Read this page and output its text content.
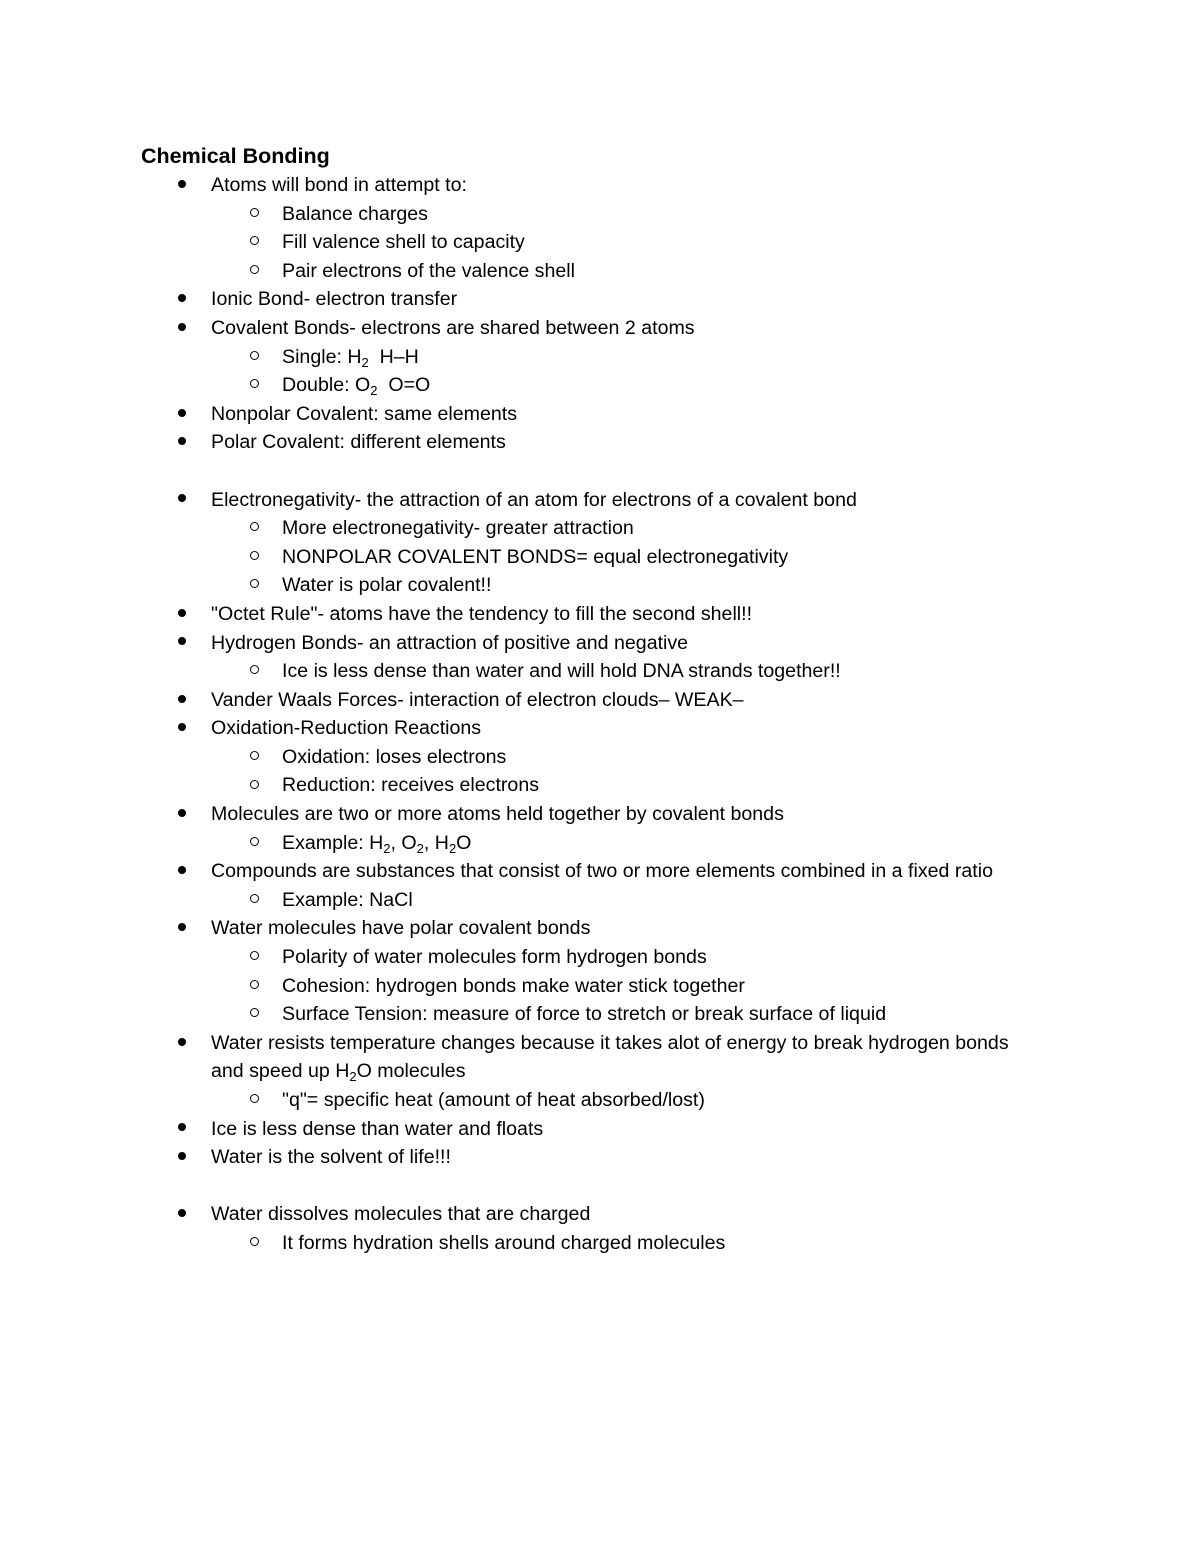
Chemical Bonding
Atoms will bond in attempt to:
Balance charges
Fill valence shell to capacity
Pair electrons of the valence shell
Ionic Bond- electron transfer
Covalent Bonds- electrons are shared between 2 atoms
Single: $H_2$  H–H
Double: $O_2$  O=O
Nonpolar Covalent: same elements
Polar Covalent: different elements
Electronegativity- the attraction of an atom for electrons of a covalent bond
More electronegativity- greater attraction
NONPOLAR COVALENT BONDS= equal electronegativity
Water is polar covalent!!
"Octet Rule"- atoms have the tendency to fill the second shell!!
Hydrogen Bonds- an attraction of positive and negative
Ice is less dense than water and will hold DNA strands together!!
Vander Waals Forces- interaction of electron clouds– WEAK–
Oxidation-Reduction Reactions
Oxidation: loses electrons
Reduction: receives electrons
Molecules are two or more atoms held together by covalent bonds
Example: $H_2$, $O_2$, $H_2O$
Compounds are substances that consist of two or more elements combined in a fixed ratio
Example: NaCl
Water molecules have polar covalent bonds
Polarity of water molecules form hydrogen bonds
Cohesion: hydrogen bonds make water stick together
Surface Tension: measure of force to stretch or break surface of liquid
Water resists temperature changes because it takes alot of energy to break hydrogen bonds and speed up $H_2O$ molecules
"q"= specific heat (amount of heat absorbed/lost)
Ice is less dense than water and floats
Water is the solvent of life!!!
Water dissolves molecules that are charged
It forms hydration shells around charged molecules
